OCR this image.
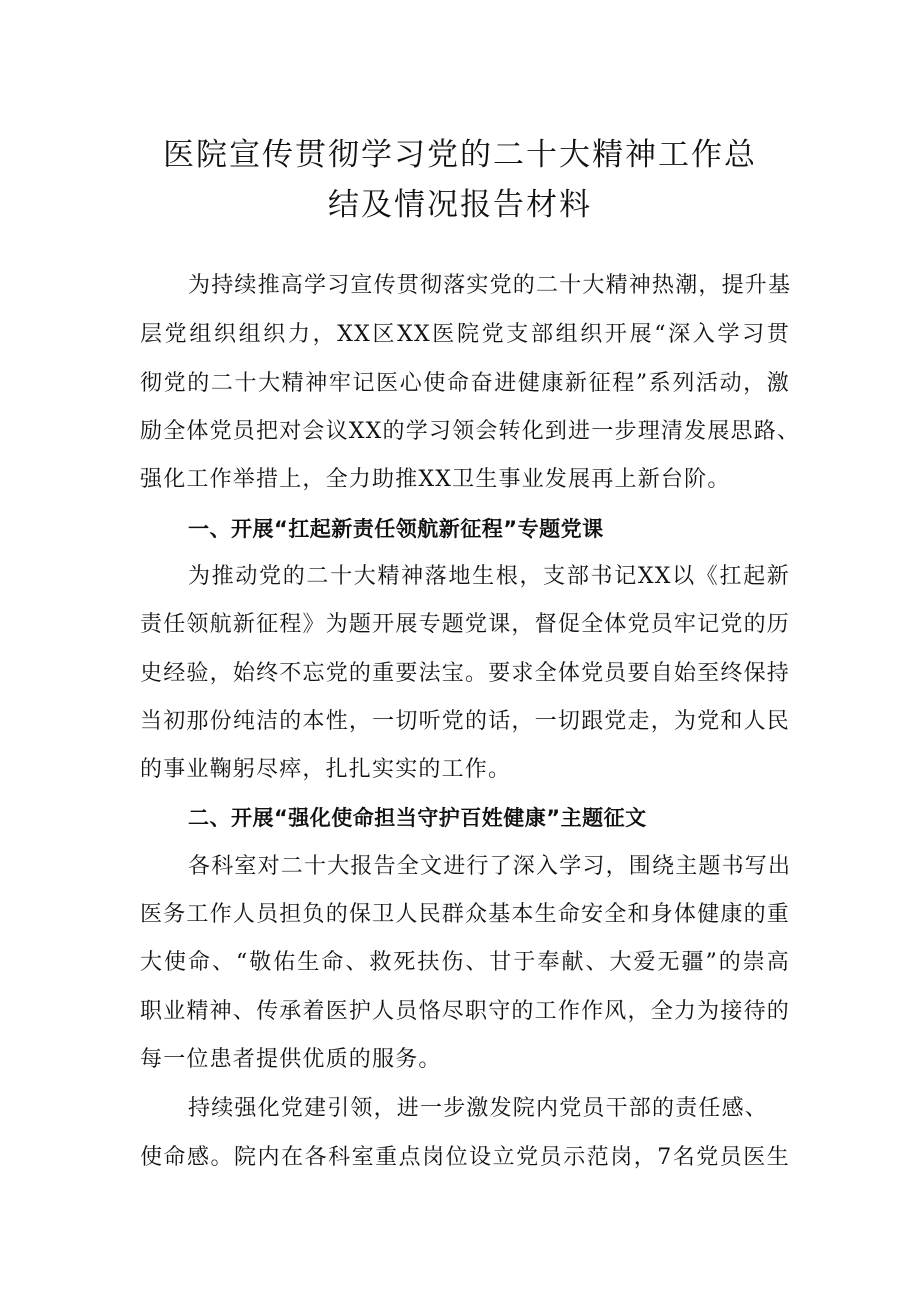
医院宣传贯彻学习党的二十大精神工作总
结及情况报告材料

为持续推高学习宣传贯彻落实党的二十大精神热潮，提升基

层党组织组织力，XX区XX医院党支部组织开展“深入学习贯

彻党的二十大精神牢记医心使命奋进健康新征程”系列活动，激

励全体党员把对会议XX的学习领会转化到进一步理清发展思路、

强化工作举措上，全力助推XX卫生事业发展再上新台阶。

一、开展“扛起新责任领航新征程”专题党课

为推动党的二十大精神落地生根，支部书记XX以《扛起新

责任领航新征程》为题开展专题党课，督促全体党员牢记党的历

史经验，始终不忘党的重要法宝。要求全体党员要自始至终保持

当初那份纯洁的本性，一切听党的话，一切跟党走，为党和人民

的事业鞠躬尽瘁，扎扎实实的工作。

二、开展“强化使命担当守护百姓健康”主题征文

各科室对二十大报告全文进行了深入学习，围绕主题书写出

医务工作人员担负的保卫人民群众基本生命安全和身体健康的重

大使命、“敬佑生命、救死扶伤、甘于奉献、大爱无疆”的崇高

职业精神、传承着医护人员恪尽职守的工作作风，全力为接待的

每一位患者提供优质的服务。

持续强化党建引领，进一步激发院内党员干部的责任感、

使命感。院内在各科室重点岗位设立党员示范岗，7名党员医生
